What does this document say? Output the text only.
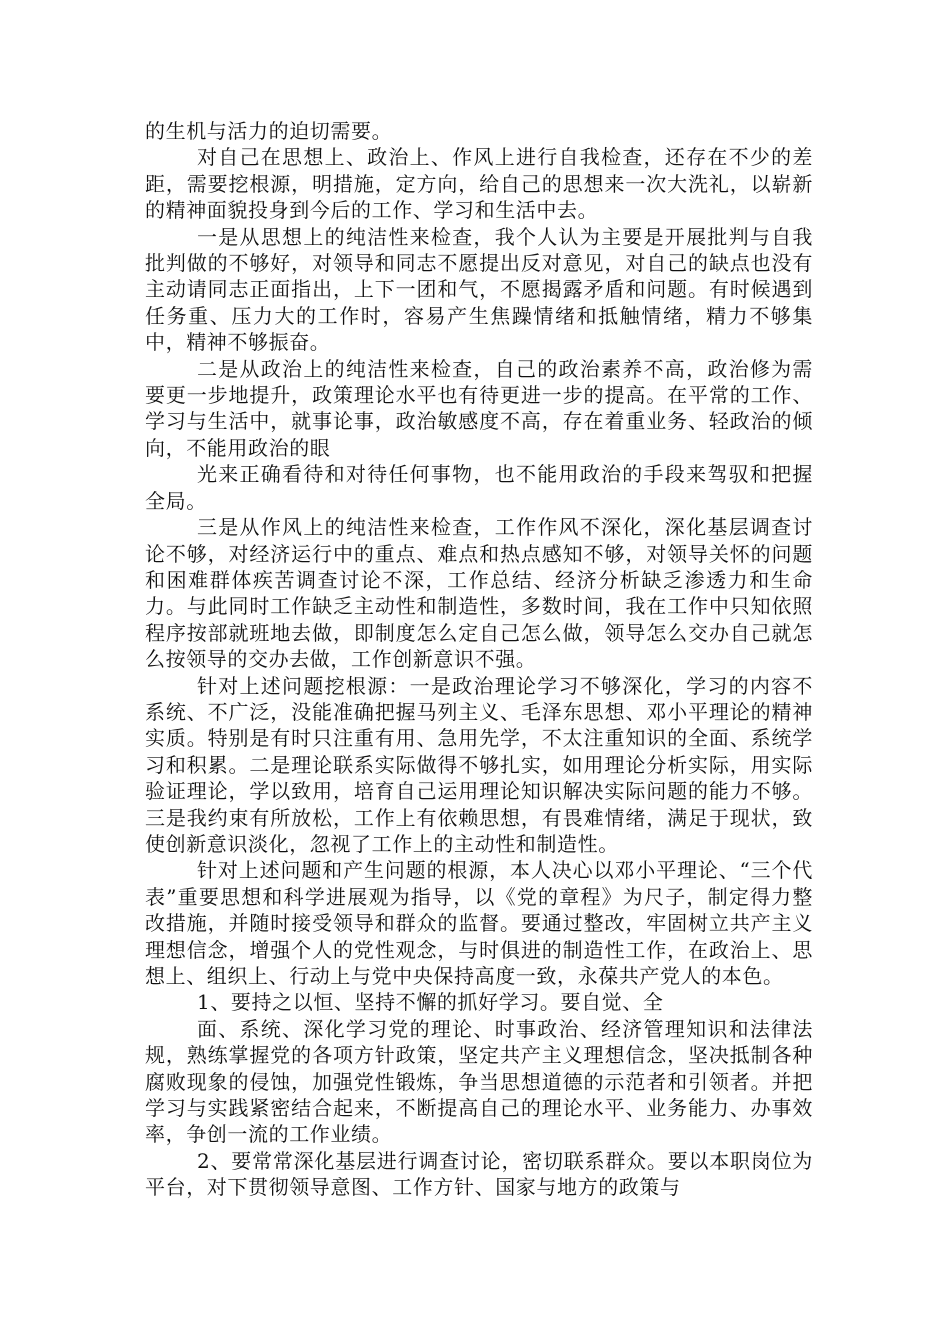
的生机与活力的迫切需要。

对自己在思想上、政治上、作风上进行自我检查，还存在不少的差距，需要挖根源，明措施，定方向，给自己的思想来一次大洗礼，以崭新的精神面貌投身到今后的工作、学习和生活中去。

一是从思想上的纯洁性来检查，我个人认为主要是开展批判与自我批判做的不够好，对领导和同志不愿提出反对意见，对自己的缺点也没有主动请同志正面指出，上下一团和气，不愿揭露矛盾和问题。有时候遇到任务重、压力大的工作时，容易产生焦躁情绪和抵触情绪，精力不够集中，精神不够振奋。

二是从政治上的纯洁性来检查，自己的政治素养不高，政治修为需要更一步地提升，政策理论水平也有待更进一步的提高。在平常的工作、学习与生活中，就事论事，政治敏感度不高，存在着重业务、轻政治的倾向，不能用政治的眼

光来正确看待和对待任何事物，也不能用政治的手段来驾驭和把握全局。

三是从作风上的纯洁性来检查，工作作风不深化，深化基层调查讨论不够，对经济运行中的重点、难点和热点感知不够，对领导关怀的问题和困难群体疾苦调查讨论不深，工作总结、经济分析缺乏渗透力和生命力。与此同时工作缺乏主动性和制造性，多数时间，我在工作中只知依照程序按部就班地去做，即制度怎么定自己怎么做，领导怎么交办自己就怎么按领导的交办去做，工作创新意识不强。

针对上述问题挖根源：一是政治理论学习不够深化，学习的内容不系统、不广泛，没能准确把握马列主义、毛泽东思想、邓小平理论的精神实质。特别是有时只注重有用、急用先学，不太注重知识的全面、系统学习和积累。二是理论联系实际做得不够扎实，如用理论分析实际，用实际验证理论，学以致用，培育自己运用理论知识解决实际问题的能力不够。三是我约束有所放松，工作上有依赖思想，有畏难情绪，满足于现状，致使创新意识淡化，忽视了工作上的主动性和制造性。

针对上述问题和产生问题的根源，本人决心以邓小平理论、“三个代表”重要思想和科学进展观为指导，以《党的章程》为尺子，制定得力整改措施，并随时接受领导和群众的监督。要通过整改，牢固树立共产主义理想信念，增强个人的党性观念，与时俱进的制造性工作，在政治上、思想上、组织上、行动上与党中央保持高度一致，永葆共产党人的本色。

1、要持之以恒、坚持不懈的抓好学习。要自觉、全

面、系统、深化学习党的理论、时事政治、经济管理知识和法律法规，熟练掌握党的各项方针政策，坚定共产主义理想信念，坚决抵制各种腐败现象的侵蚀，加强党性锻炼，争当思想道德的示范者和引领者。并把学习与实践紧密结合起来，不断提高自己的理论水平、业务能力、办事效率，争创一流的工作业绩。

2、要常常深化基层进行调查讨论，密切联系群众。要以本职岗位为平台，对下贯彻领导意图、工作方针、国家与地方的政策与
